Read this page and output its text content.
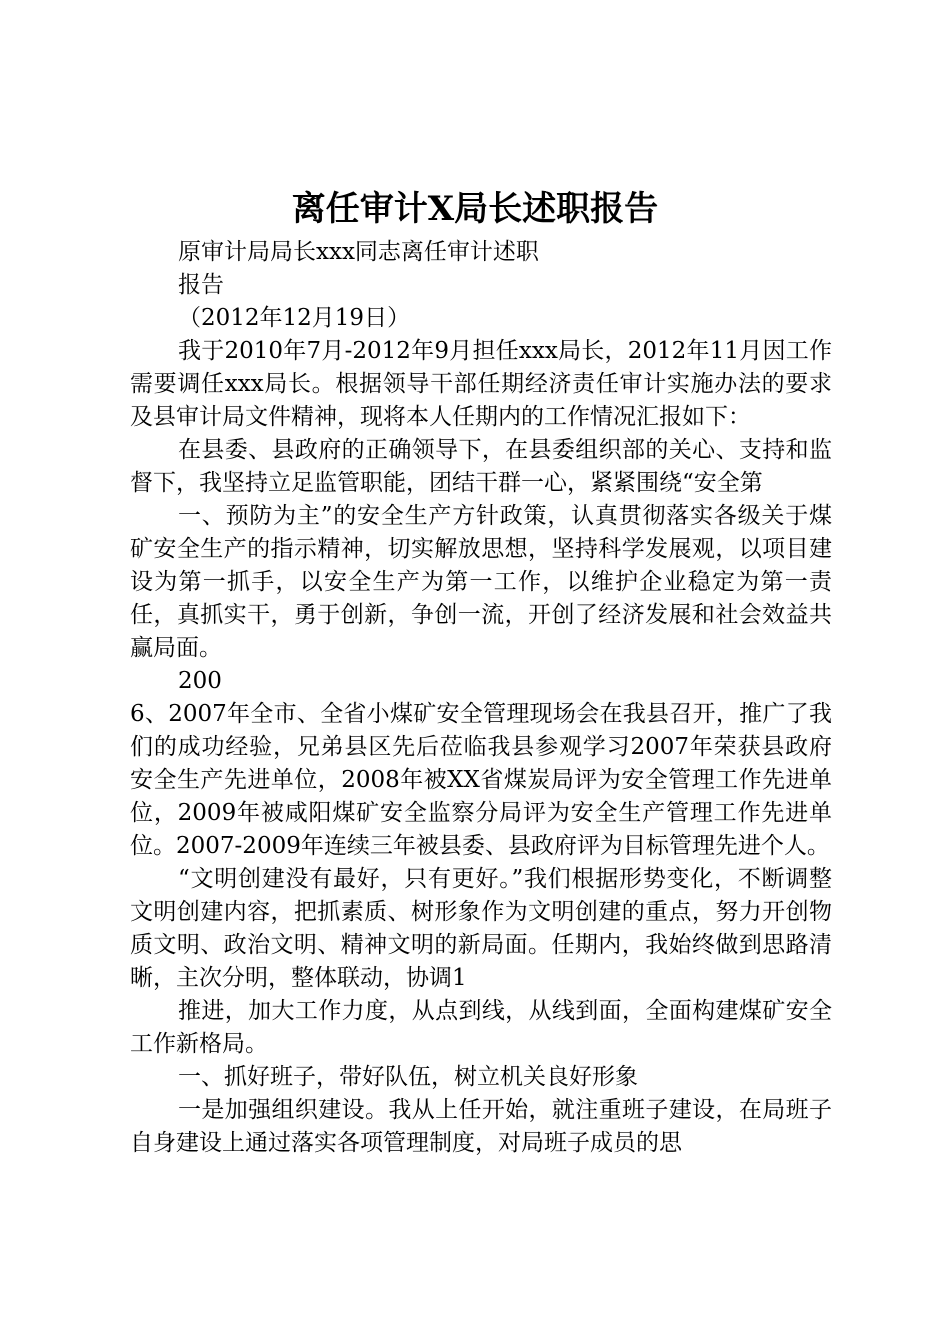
离任审计X局长述职报告

原审计局局长xxx同志离任审计述职

报告

（2012年12月19日）

我于2010年7月-2012年9月担任xxx局长，2012年11月因工作需要调任xxx局长。根据领导干部任期经济责任审计实施办法的要求及县审计局文件精神，现将本人任期内的工作情况汇报如下：

在县委、县政府的正确领导下，在县委组织部的关心、支持和监督下，我坚持立足监管职能，团结干群一心，紧紧围绕“安全第

一、预防为主”的安全生产方针政策，认真贯彻落实各级关于煤矿安全生产的指示精神，切实解放思想，坚持科学发展观，以项目建设为第一抓手，以安全生产为第一工作，以维护企业稳定为第一责任，真抓实干，勇于创新，争创一流，开创了经济发展和社会效益共赢局面。

200

6、2007年全市、全省小煤矿安全管理现场会在我县召开，推广了我们的成功经验，兄弟县区先后莅临我县参观学习2007年荣获县政府安全生产先进单位，2008年被XX省煤炭局评为安全管理工作先进单位，2009年被咸阳煤矿安全监察分局评为安全生产管理工作先进单位。2007-2009年连续三年被县委、县政府评为目标管理先进个人。

“文明创建没有最好，只有更好。”我们根据形势变化，不断调整文明创建内容，把抓素质、树形象作为文明创建的重点，努力开创物质文明、政治文明、精神文明的新局面。任期内，我始终做到思路清晰，主次分明，整体联动，协调1

推进，加大工作力度，从点到线，从线到面，全面构建煤矿安全工作新格局。

一、抓好班子，带好队伍，树立机关良好形象

一是加强组织建设。我从上任开始，就注重班子建设，在局班子自身建设上通过落实各项管理制度，对局班子成员的思
